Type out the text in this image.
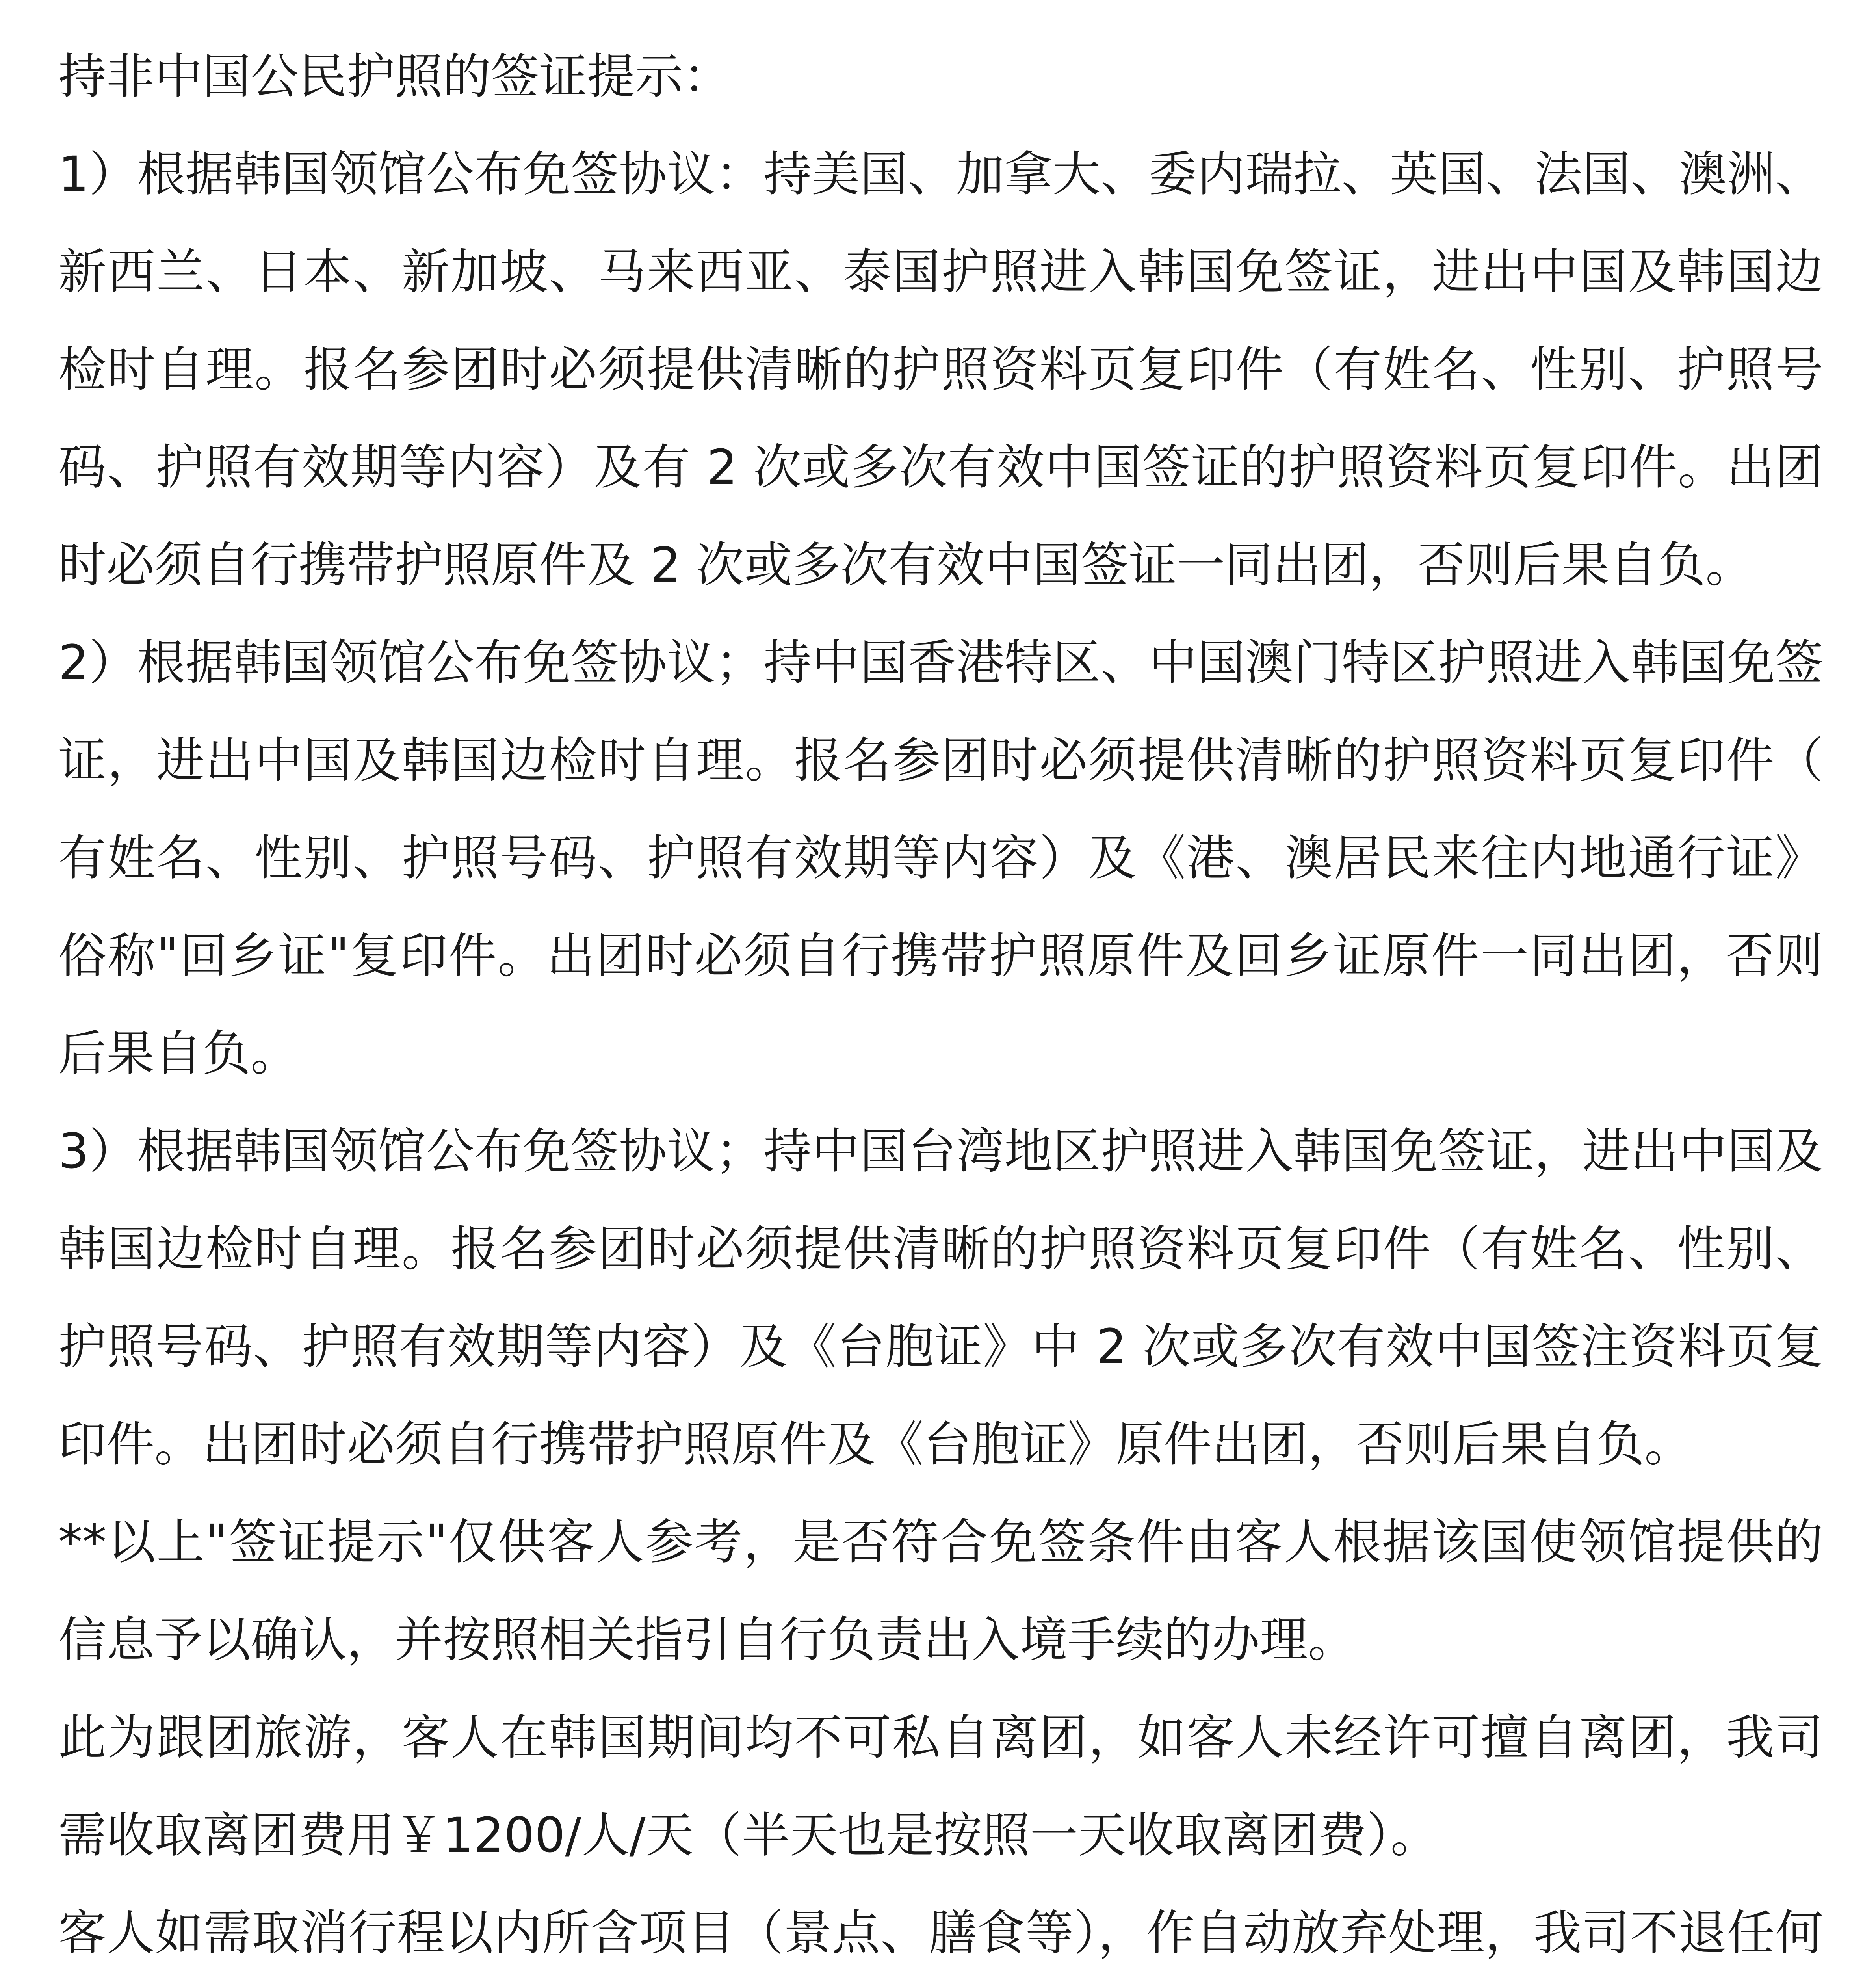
持非中国公民护照的签证提示：

1）根据韩国领馆公布免签协议：持美国、加拿大、委内瑞拉、英国、法国、澳洲、新西兰、日本、新加坡、马来西亚、泰国护照进入韩国免签证，进出中国及韩国边检时自理。报名参团时必须提供清晰的护照资料页复印件（有姓名、性别、护照号码、护照有效期等内容）及有 2 次或多次有效中国签证的护照资料页复印件。出团时必须自行携带护照原件及 2 次或多次有效中国签证一同出团，否则后果自负。

2）根据韩国领馆公布免签协议；持中国香港特区、中国澳门特区护照进入韩国免签证，进出中国及韩国边检时自理。报名参团时必须提供清晰的护照资料页复印件（有姓名、性别、护照号码、护照有效期等内容）及《港、澳居民来往内地通行证》俗称"回乡证"复印件。出团时必须自行携带护照原件及回乡证原件一同出团，否则后果自负。

3）根据韩国领馆公布免签协议；持中国台湾地区护照进入韩国免签证，进出中国及韩国边检时自理。报名参团时必须提供清晰的护照资料页复印件（有姓名、性别、护照号码、护照有效期等内容）及《台胞证》中 2 次或多次有效中国签注资料页复印件。出团时必须自行携带护照原件及《台胞证》原件出团，否则后果自负。

**以上"签证提示"仅供客人参考，是否符合免签条件由客人根据该国使领馆提供的信息予以确认，并按照相关指引自行负责出入境手续的办理。

此为跟团旅游，客人在韩国期间均不可私自离团，如客人未经许可擅自离团，我司需收取离团费用￥1200/人/天（半天也是按照一天收取离团费）。

客人如需取消行程以内所含项目（景点、膳食等），作自动放弃处理，我司不退任何
